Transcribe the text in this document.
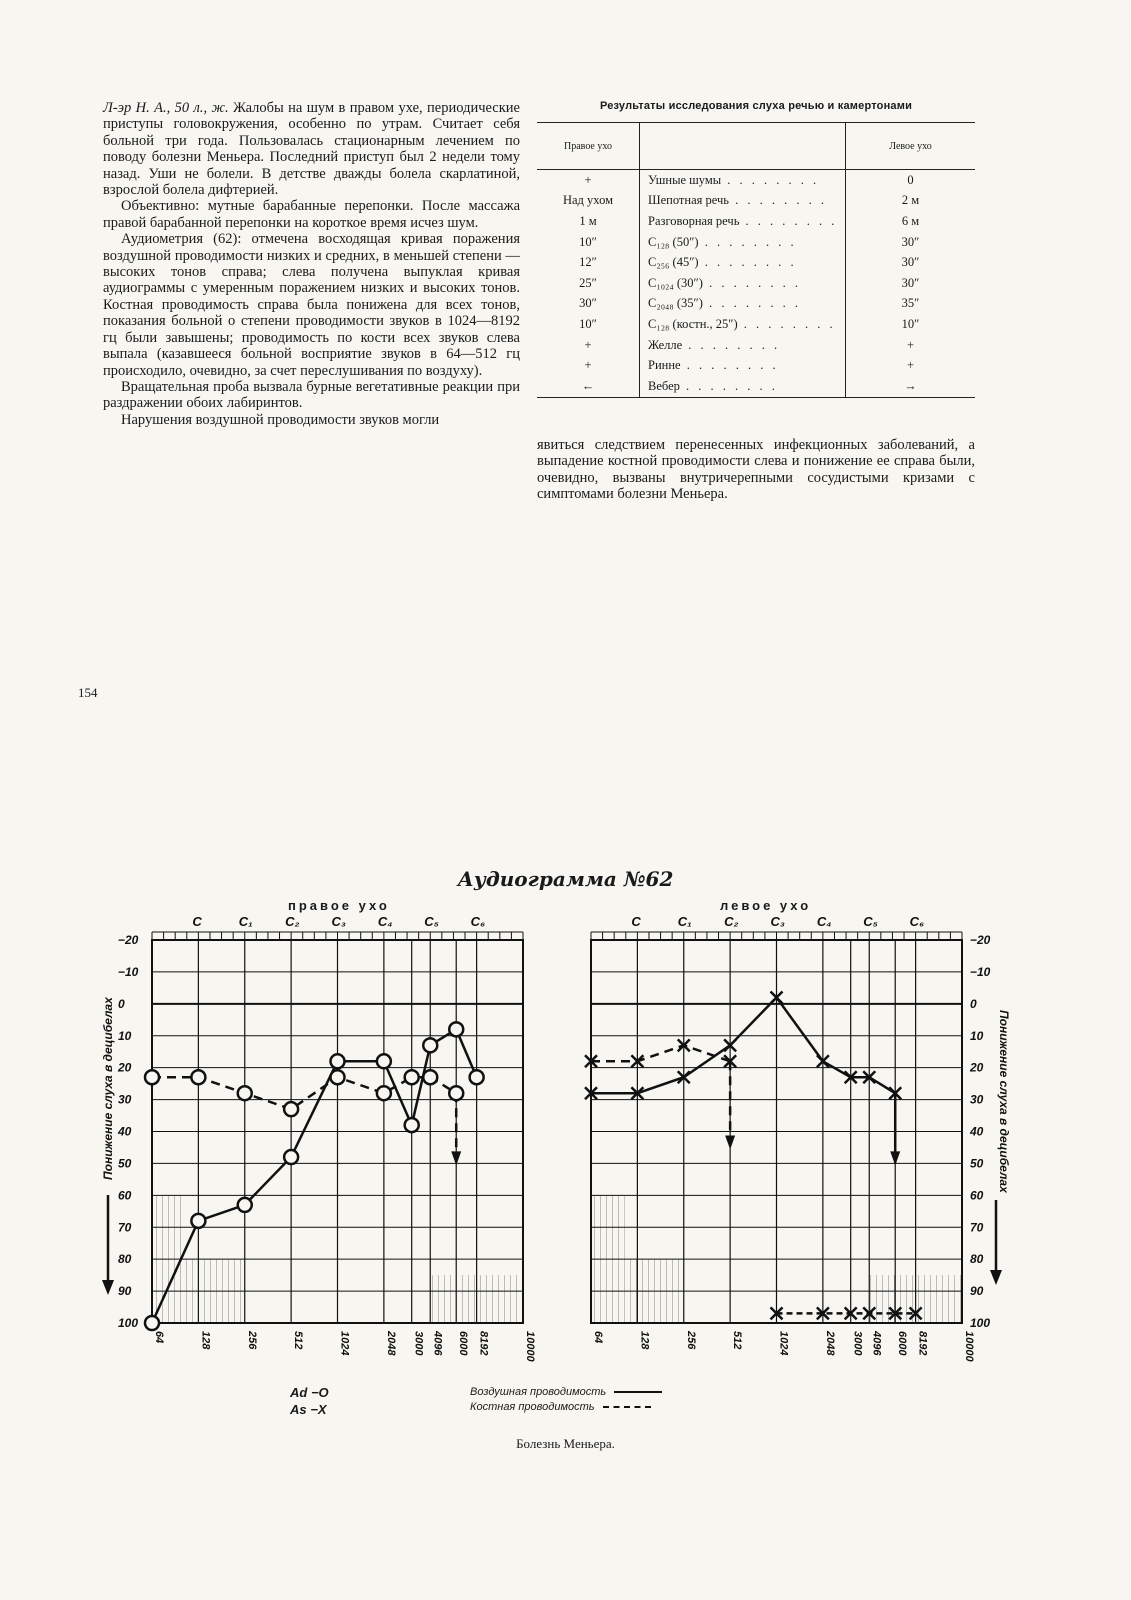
Л-эр Н. А., 50 л., ж. Жалобы на шум в правом ухе, периодические приступы головокружения, особенно по утрам. Считает себя больной три года. Пользовалась стационарным лечением по поводу болезни Меньера. Последний приступ был 2 недели тому назад. Уши не болели. В детстве дважды болела скарлатиной, взрослой болела дифтерией.

Объективно: мутные барабанные перепонки. После массажа правой барабанной перепонки на короткое время исчез шум.

Аудиометрия (62): отмечена восходящая кривая поражения воздушной проводимости низких и средних, в меньшей степени — высоких тонов справа; слева получена выпуклая кривая аудиограммы с умеренным поражением низких и высоких тонов. Костная проводимость справа была понижена для всех тонов, показания больной о степени проводимости звуков в 1024—8192 гц были завышены; проводимость по кости всех звуков слева выпала (казавшееся больной восприятие звуков в 64—512 гц происходило, очевидно, за счет переслушивания по воздуху).

Вращательная проба вызвала бурные вегетативные реакции при раздражении обоих лабиринтов.

Нарушения воздушной проводимости звуков могли

Результаты исследования слуха речью и камертонами
Правое ухо		Левое ухо
+	Ушные шумы . . . . . . . .	0
Над ухом	Шепотная речь . . . . . . . .	2 м
1 м	Разговорная речь . . . . . . . .	6 м
10″	C₁₂₈ (50″) . . . . . . . .	30″
12″	C₂₅₆ (45″) . . . . . . . .	30″
25″	C₁₀₂₄ (30″) . . . . . . . .	30″
30″	C₂₀₄₈ (35″) . . . . . . . .	35″
10″	C₁₂₈ (костн., 25″) . . . . . . . .	10″
+	Желле . . . . . . . .	+
+	Ринне . . . . . . . .	+
←	Вебер . . . . . . . .	→
явиться следствием перенесенных инфекционных заболеваний, а выпадение костной проводимости слева и понижение ее справа были, очевидно, вызваны внутричерепными сосудистыми кризами с симптомами болезни Меньера.
154
Аудиограмма №62
правое ухо	левое ухо
C	C₁ C₂ C₃ C₄ C₅ C₆
−20
−10
0
10
20
30
40
50
60
70
80
90
100
64	128	256	512	1024	2048 3000 4096 6000 8192	10000
Понижение слуха в децибелах
C	C₁ C₂ C₃ C₄ C₅ C₆
−20
−10
0
10
20
30
40
50
60
70
80
90
100
64	128	256	512	1024	2048 3000 4096 6000 8192	10000
Понижение слуха в децибелах
Ad −O
As −X
Воздушная проводимость
Костная проводимость
Болезнь Меньера.
